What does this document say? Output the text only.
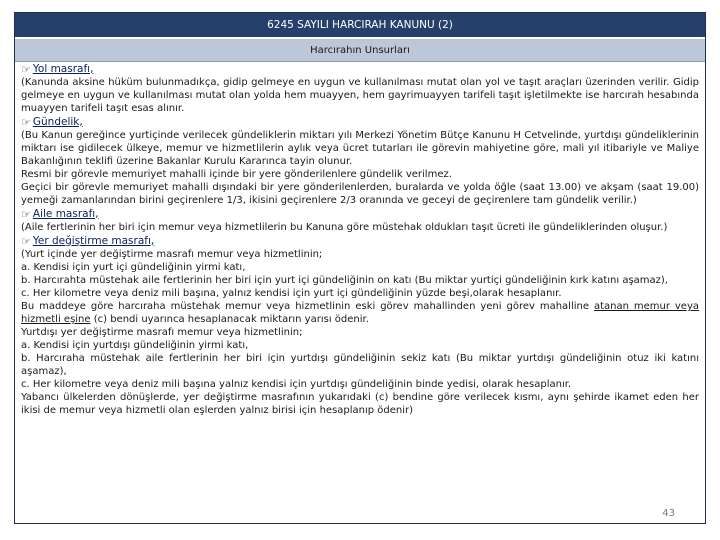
6245 SAYILI HARCIRAH KANUNU (2)
Harcırahın Unsurları
☞ Yol masrafı,

(Kanunda aksine hüküm bulunmadıkça, gidip gelmeye en uygun ve kullanılması mutat olan yol ve taşıt araçları üzerinden verilir. Gidip gelmeye en uygun ve kullanılması mutat olan yolda hem muayyen, hem gayrimuayyen tarifeli taşıt işletilmekte ise harcırah hesabında muayyen tarifeli taşıt esas alınır.

☞ Gündelik,

(Bu Kanun gereğince yurtiçinde verilecek gündeliklerin miktarı yılı Merkezi Yönetim Bütçe Kanunu H Cetvelinde, yurtdışı gündeliklerinin miktarı ise gidilecek ülkeye, memur ve hizmetlilerin aylık veya ücret tutarları ile görevin mahiyetine göre, mali yıl itibariyle ve Maliye Bakanlığının teklifi üzerine Bakanlar Kurulu Kararınca tayin olunur.

Resmi bir görevle memuriyet mahalli içinde bir yere gönderilenlere gündelik verilmez.

Geçici bir görevle memuriyet mahalli dışındaki bir yere gönderilenlerden, buralarda ve yolda öğle (saat 13.00) ve akşam (saat 19.00) yemeği zamanlarından birini geçirenlere 1/3, ikisini geçirenlere 2/3 oranında ve geceyi de geçirenlere tam gündelik verilir.)

☞ Aile masrafı,

(Aile fertlerinin her biri için memur veya hizmetlilerin bu Kanuna göre müstehak oldukları taşıt ücreti ile gündeliklerinden oluşur.)

☞ Yer değiştirme masrafı,

(Yurt içinde yer değiştirme masrafı memur veya hizmetlinin;

a. Kendisi için yurt içi gündeliğinin yirmi katı,

b. Harcırahta müstehak aile fertlerinin her biri için yurt içi gündeliğinin on katı (Bu miktar yurtiçi gündeliğinin kırk katını aşamaz),

c. Her kilometre veya deniz mili başına, yalnız kendisi için yurt içi gündeliğinin yüzde beşi,olarak hesaplanır.

Bu maddeye göre harcıraha müstehak memur veya hizmetlinin eski görev mahallinden yeni görev mahalline atanan memur veya hizmetli eşine (c) bendi uyarınca hesaplanacak miktarın yarısı ödenir.

Yurtdışı yer değiştirme masrafı memur veya hizmetlinin;

a. Kendisi için yurtdışı gündeliğinin yirmi katı,

b. Harcıraha müstehak aile fertlerinin her biri için yurtdışı gündeliğinin sekiz katı (Bu miktar yurtdışı gündeliğinin otuz iki katını aşamaz),

c. Her kilometre veya deniz mili başına yalnız kendisi için yurtdışı gündeliğinin binde yedisi, olarak hesaplanır.

Yabancı ülkelerden dönüşlerde, yer değiştirme masrafının yukarıdaki (c) bendine göre verilecek kısmı, aynı şehirde ikamet eden her ikisi de memur veya hizmetli olan eşlerden yalnız birisi için hesaplanıp ödenir)

43
